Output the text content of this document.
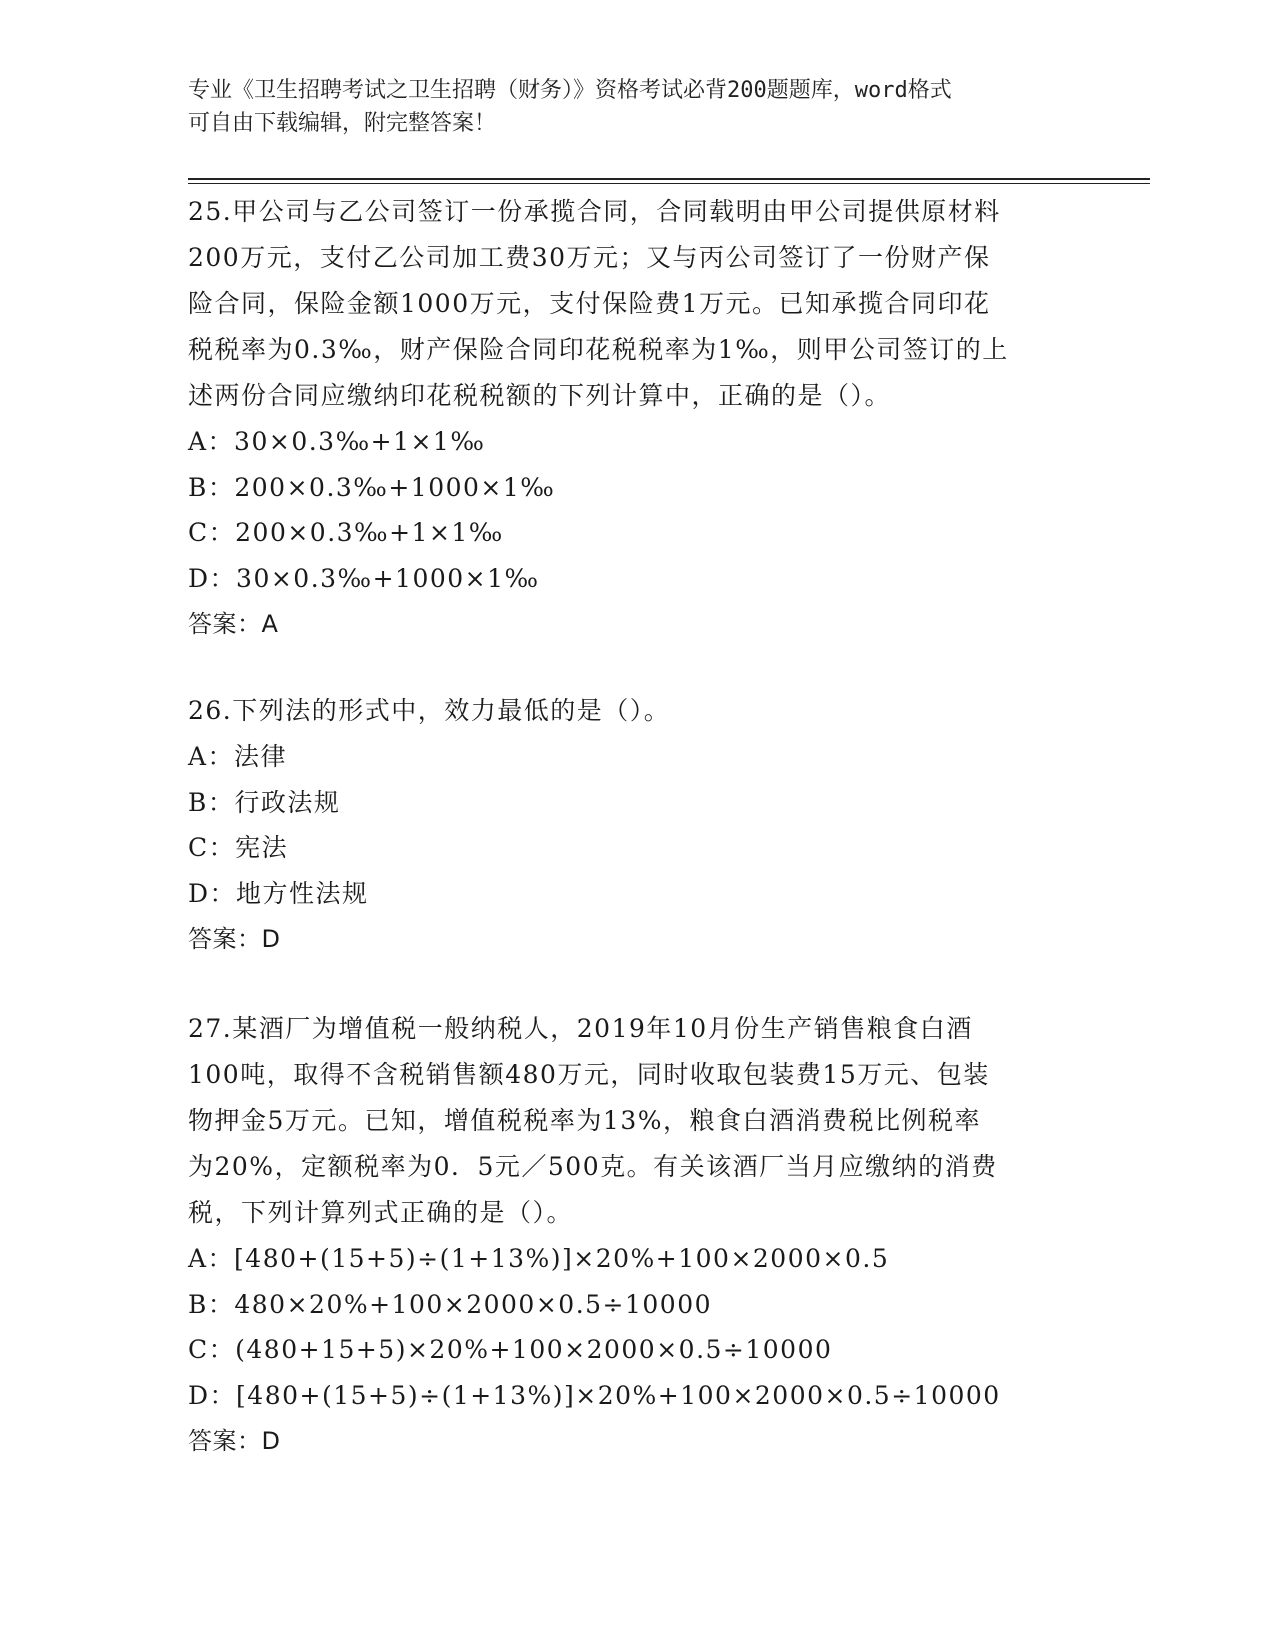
专业《卫生招聘考试之卫生招聘（财务）》资格考试必背200题题库，word格式
可自由下载编辑，附完整答案！
25.甲公司与乙公司签订一份承揽合同，合同载明由甲公司提供原材料
200万元，支付乙公司加工费30万元；又与丙公司签订了一份财产保
险合同，保险金额1000万元，支付保险费1万元。已知承揽合同印花
税税率为0.3‰，财产保险合同印花税税率为1‰，则甲公司签订的上
述两份合同应缴纳印花税税额的下列计算中，正确的是（）。
A：30×0.3‰+1×1‰
B：200×0.3‰+1000×1‰
C：200×0.3‰+1×1‰
D：30×0.3‰+1000×1‰
答案：A
26.下列法的形式中，效力最低的是（）。
A：法律
B：行政法规
C：宪法
D：地方性法规
答案：D
27.某酒厂为增值税一般纳税人，2019年10月份生产销售粮食白酒
100吨，取得不含税销售额480万元，同时收取包装费15万元、包装
物押金5万元。已知，增值税税率为13%，粮食白酒消费税比例税率
为20%，定额税率为0．5元／500克。有关该酒厂当月应缴纳的消费
税，下列计算列式正确的是（）。
A：[480+(15+5)÷(1+13%)]×20%+100×2000×0.5
B：480×20%+100×2000×0.5÷10000
C：(480+15+5)×20%+100×2000×0.5÷10000
D：[480+(15+5)÷(1+13%)]×20%+100×2000×0.5÷10000
答案：D
